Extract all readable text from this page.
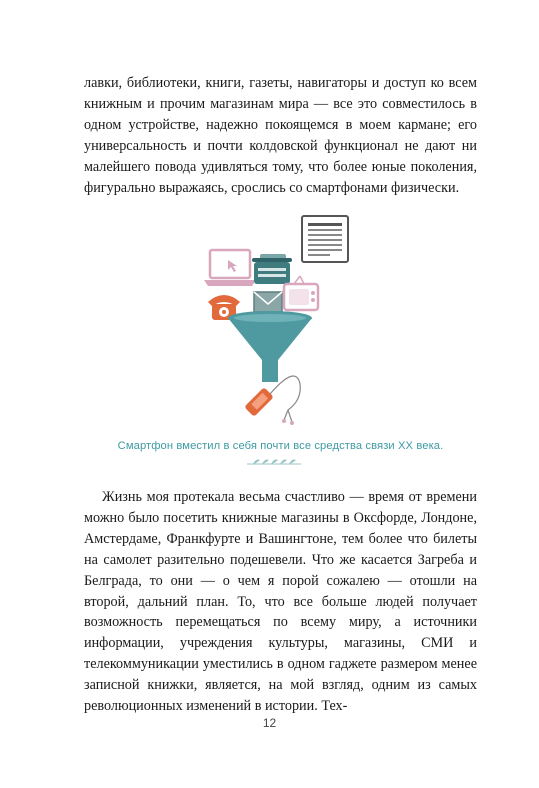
лавки, библиотеки, книги, газеты, навигаторы и доступ ко всем книжным и прочим магазинам мира — все это совместилось в одном устройстве, надежно покоящемся в моем кармане; его универсальность и почти колдовской функционал не дают ни малейшего повода удивляться тому, что более юные поколения, фигурально выражаясь, срослись со смартфонами физически.

Смартфон вместил в себя почти все средства связи XX века.

Жизнь моя протекала весьма счастливо — время от времени можно было посетить книжные магазины в Оксфорде, Лондоне, Амстердаме, Франкфурте и Вашингтоне, тем более что билеты на самолет разительно подешевели. Что же касается Загреба и Белграда, то они — о чем я порой сожалею — отошли на второй, дальний план. То, что все больше людей получает возможность перемещаться по всему миру, а источники информации, учреждения культуры, магазины, СМИ и телекоммуникации уместились в одном гаджете размером менее записной книжки, является, на мой взгляд, одним из самых революционных изменений в истории. Тех-

12
